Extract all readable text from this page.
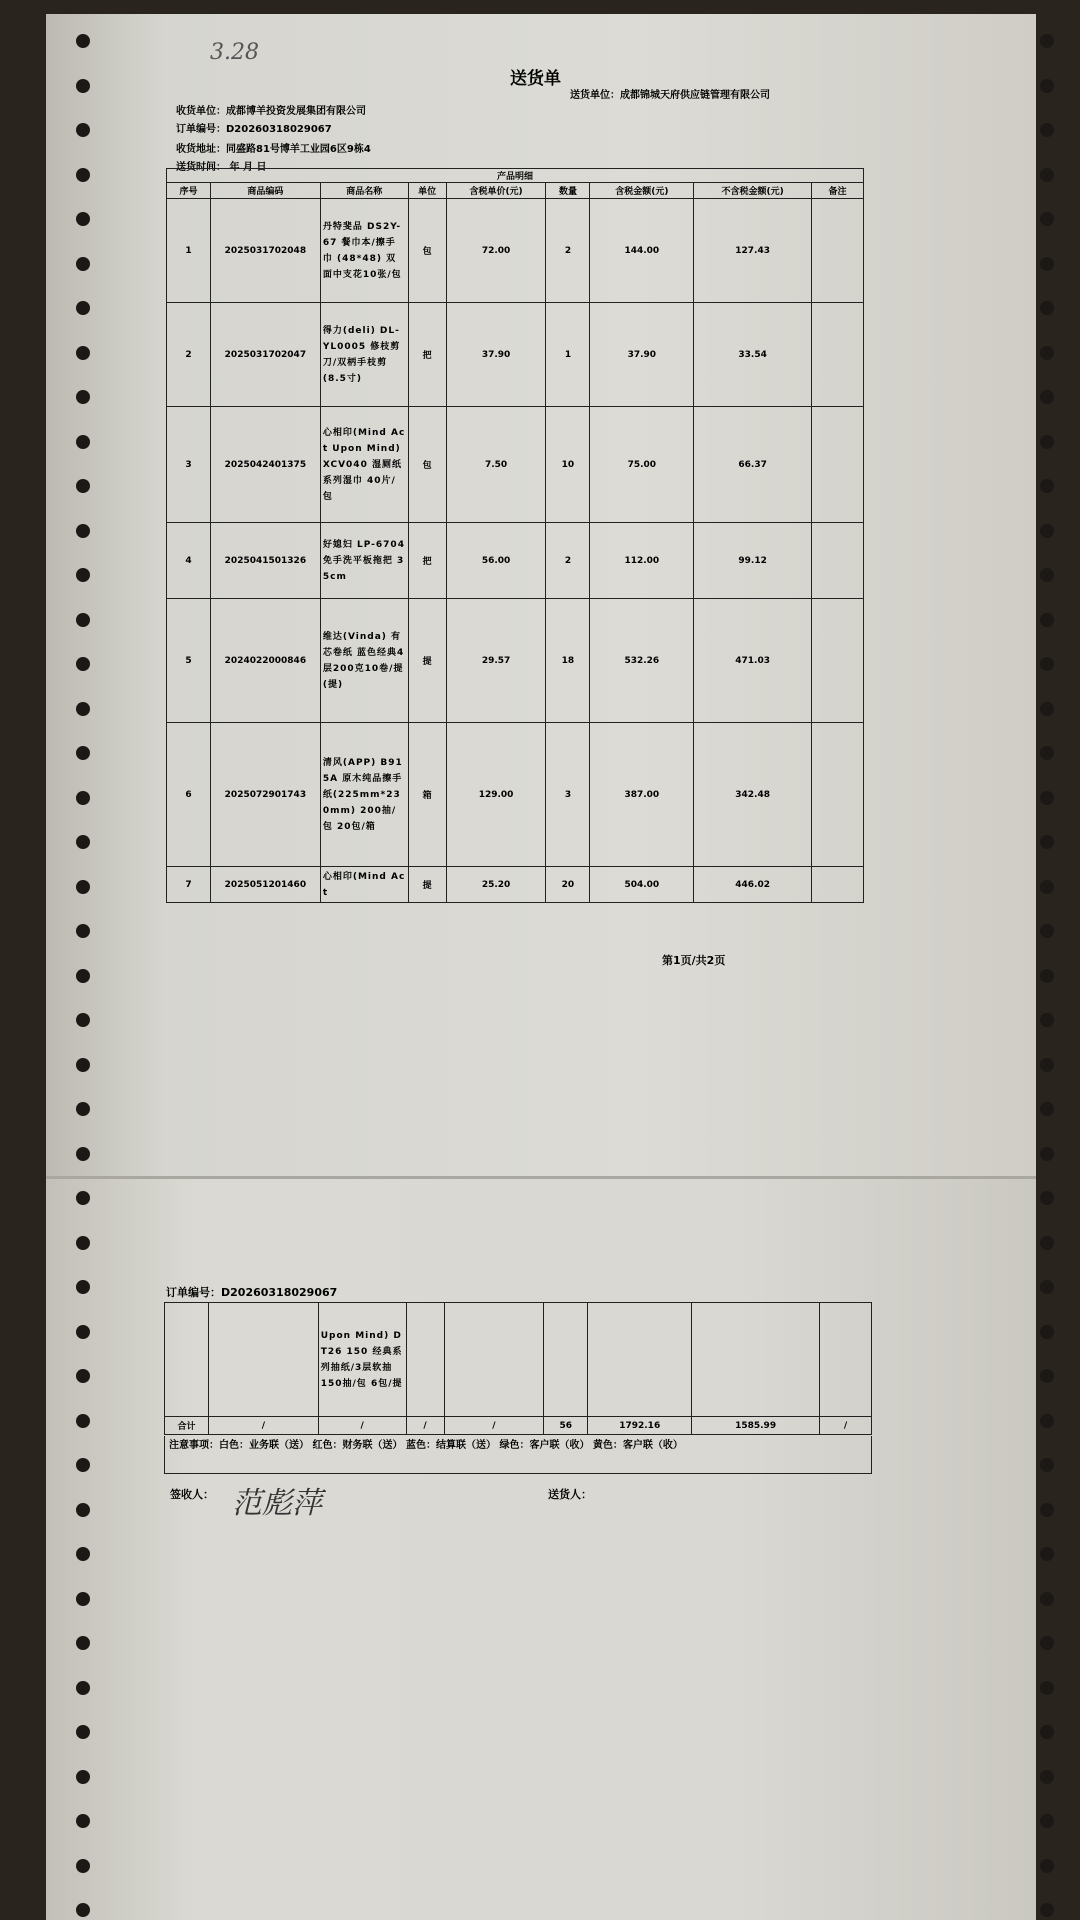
3.28
送货单
送货单位：成都锦城天府供应链管理有限公司
收货单位：成都博羊投资发展集团有限公司
订单编号：D20260318029067
收货地址：同盛路81号博羊工业园6区9栋4
送货时间： 年 月 日
产品明细								
序号	商品编码	商品名称	单位	含税单价(元)	数量	含税金额(元)	不含税金额(元)	备注
1	2025031702048	丹特斐品 DS2Y-67 餐巾本/擦手巾 (48*48) 双面中支花10张/包	包	72.00	2	144.00	127.43	
2	2025031702047	得力(deli) DL-YL0005 修枝剪刀/双柄手枝剪 (8.5寸)	把	37.90	1	37.90	33.54	
3	2025042401375	心相印(Mind Act Upon Mind) XCV040 湿厕纸系列湿巾 40片/包	包	7.50	10	75.00	66.37	
4	2025041501326	好媳妇 LP-6704 免手洗平板拖把 35cm	把	56.00	2	112.00	99.12	
5	2024022000846	维达(Vinda) 有芯卷纸 蓝色经典4层200克10卷/提(提)	提	29.57	18	532.26	471.03	
6	2025072901743	清风(APP) B915A 原木纯品擦手纸(225mm*230mm) 200抽/包 20包/箱	箱	129.00	3	387.00	342.48	
7	2025051201460	心相印(Mind Act	提	25.20	20	504.00	446.02	
第1页/共2页
订单编号：D20260318029067
		Upon Mind) DT26 150 经典系列抽纸/3层软抽 150抽/包 6包/提						
合计	/	/	/	/	56	1792.16	1585.99	/
注意事项：白色：业务联（送） 红色：财务联（送） 蓝色：结算联（送） 绿色：客户联（收） 黄色：客户联（收）
签收人： 范彪萍	送货人：
